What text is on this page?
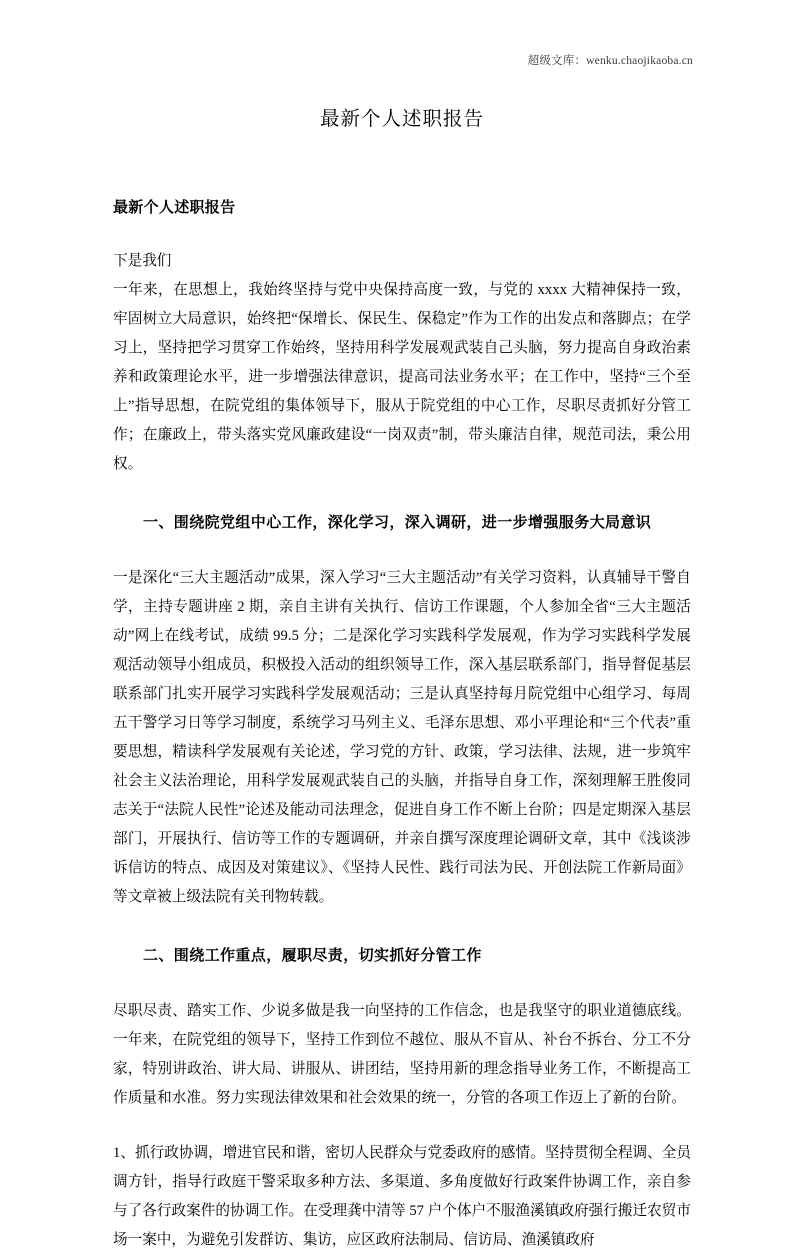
超级文库：wenku.chaojikaoba.cn
最新个人述职报告
最新个人述职报告
下是我们

一年来，在思想上，我始终坚持与党中央保持高度一致，与党的 xxxx 大精神保持一致，牢固树立大局意识，始终把“保增长、保民生、保稳定”作为工作的出发点和落脚点；在学习上，坚持把学习贯穿工作始终，坚持用科学发展观武装自己头脑，努力提高自身政治素养和政策理论水平，进一步增强法律意识，提高司法业务水平；在工作中，坚持“三个至上”指导思想，在院党组的集体领导下，服从于院党组的中心工作，尽职尽责抓好分管工作；在廉政上，带头落实党风廉政建设“一岗双责”制，带头廉洁自律，规范司法，秉公用权。

一、围绕院党组中心工作，深化学习，深入调研，进一步增强服务大局意识

一是深化“三大主题活动”成果，深入学习“三大主题活动”有关学习资料，认真辅导干警自学，主持专题讲座 2 期，亲自主讲有关执行、信访工作课题，个人参加全省“三大主题活动”网上在线考试，成绩 99.5 分；二是深化学习实践科学发展观，作为学习实践科学发展观活动领导小组成员，积极投入活动的组织领导工作，深入基层联系部门，指导督促基层联系部门扎实开展学习实践科学发展观活动；三是认真坚持每月院党组中心组学习、每周五干警学习日等学习制度，系统学习马列主义、毛泽东思想、邓小平理论和“三个代表”重要思想，精读科学发展观有关论述，学习党的方针、政策，学习法律、法规，进一步筑牢社会主义法治理论，用科学发展观武装自己的头脑，并指导自身工作，深刻理解王胜俊同志关于“法院人民性”论述及能动司法理念，促进自身工作不断上台阶；四是定期深入基层部门，开展执行、信访等工作的专题调研，并亲自撰写深度理论调研文章，其中《浅谈涉诉信访的特点、成因及对策建议》、《坚持人民性、践行司法为民、开创法院工作新局面》等文章被上级法院有关刊物转载。

二、围绕工作重点，履职尽责，切实抓好分管工作

尽职尽责、踏实工作、少说多做是我一向坚持的工作信念，也是我坚守的职业道德底线。一年来，在院党组的领导下，坚持工作到位不越位、服从不盲从、补台不拆台、分工不分家，特别讲政治、讲大局、讲服从、讲团结，坚持用新的理念指导业务工作，不断提高工作质量和水准。努力实现法律效果和社会效果的统一，分管的各项工作迈上了新的台阶。

1、抓行政协调，增进官民和谐，密切人民群众与党委政府的感情。坚持贯彻全程调、全员调方针，指导行政庭干警采取多种方法、多渠道、多角度做好行政案件协调工作，亲自参与了各行政案件的协调工作。在受理龚中清等 57 户个体户不服渔溪镇政府强行搬迁农贸市场一案中，为避免引发群访、集访，应区政府法制局、信访局、渔溪镇政府
